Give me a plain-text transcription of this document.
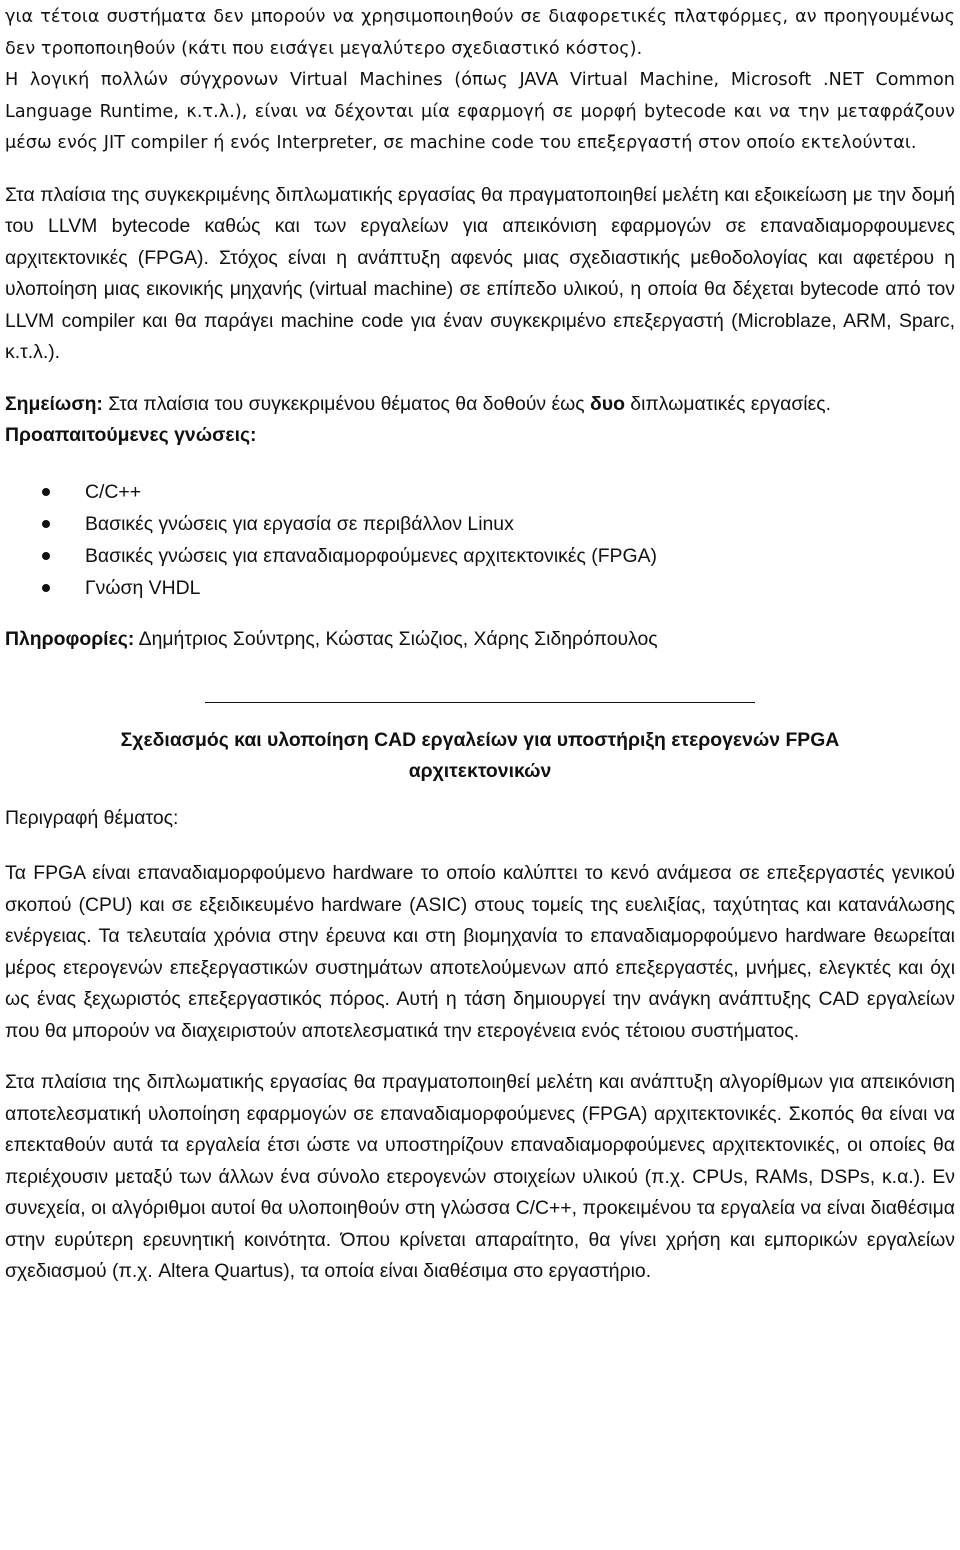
για τέτοια συστήματα δεν μπορούν να χρησιμοποιηθούν σε διαφορετικές πλατφόρμες, αν προηγουμένως δεν τροποποιηθούν (κάτι που εισάγει μεγαλύτερο σχεδιαστικό κόστος).

Η λογική πολλών σύγχρονων Virtual Machines (όπως JAVA Virtual Machine, Microsoft .NET Common Language Runtime, κ.τ.λ.), είναι να δέχονται μία εφαρμογή σε μορφή bytecode και να την μεταφράζουν μέσω ενός JIT compiler ή ενός Interpreter, σε machine code του επεξεργαστή στον οποίο εκτελούνται.

Στα πλαίσια της συγκεκριμένης διπλωματικής εργασίας θα πραγματοποιηθεί μελέτη και εξοικείωση με την δομή του LLVM bytecode καθώς και των εργαλείων για απεικόνιση εφαρμογών σε επαναδιαμορφουμενες αρχιτεκτονικές (FPGA). Στόχος είναι η ανάπτυξη αφενός μιας σχεδιαστικής μεθοδολογίας και αφετέρου η υλοποίηση μιας εικονικής μηχανής (virtual machine) σε επίπεδο υλικού, η οποία θα δέχεται bytecode από τον LLVM compiler και θα παράγει machine code για έναν συγκεκριμένο επεξεργαστή (Microblaze, ARM, Sparc, κ.τ.λ.).

Σημείωση: Στα πλαίσια του συγκεκριμένου θέματος θα δοθούν έως δυο διπλωματικές εργασίες.

Προαπαιτούμενες γνώσεις:

C/C++
Βασικές γνώσεις για εργασία σε περιβάλλον Linux
Βασικές γνώσεις για επαναδιαμορφούμενες αρχιτεκτονικές (FPGA)
Γνώση VHDL

Πληροφορίες: Δημήτριος Σούντρης, Κώστας Σιώζιος, Χάρης Σιδηρόπουλος

Σχεδιασμός και υλοποίηση CAD εργαλείων για υποστήριξη ετερογενών FPGA
αρχιτεκτονικών

Περιγραφή θέματος:

Τα FPGA είναι επαναδιαμορφούμενο hardware το οποίο καλύπτει το κενό ανάμεσα σε επεξεργαστές γενικού σκοπού (CPU) και σε εξειδικευμένο hardware (ASIC) στους τομείς της ευελιξίας, ταχύτητας και κατανάλωσης ενέργειας. Τα τελευταία χρόνια στην έρευνα και στη βιομηχανία το επαναδιαμορφούμενο hardware θεωρείται μέρος ετερογενών επεξεργαστικών συστημάτων αποτελούμενων από επεξεργαστές, μνήμες, ελεγκτές και όχι ως ένας ξεχωριστός επεξεργαστικός πόρος. Αυτή η τάση δημιουργεί την ανάγκη ανάπτυξης CAD εργαλείων που θα μπορούν να διαχειριστούν αποτελεσματικά την ετερογένεια ενός τέτοιου συστήματος.

Στα πλαίσια της διπλωματικής εργασίας θα πραγματοποιηθεί μελέτη και ανάπτυξη αλγορίθμων για απεικόνιση αποτελεσματική υλοποίηση εφαρμογών σε επαναδιαμορφούμενες (FPGA) αρχιτεκτονικές. Σκοπός θα είναι να επεκταθούν αυτά τα εργαλεία έτσι ώστε να υποστηρίζουν επαναδιαμορφούμενες αρχιτεκτονικές, οι οποίες θα περιέχουσιν μεταξύ των άλλων ένα σύνολο ετερογενών στοιχείων υλικού (π.χ. CPUs, RAMs, DSPs, κ.α.). Εν συνεχεία, οι αλγόριθμοι αυτοί θα υλοποιηθούν στη γλώσσα C/C++, προκειμένου τα εργαλεία να είναι διαθέσιμα στην ευρύτερη ερευνητική κοινότητα. Όπου κρίνεται απαραίτητο, θα γίνει χρήση και εμπορικών εργαλείων σχεδιασμού (π.χ. Altera Quartus), τα οποία είναι διαθέσιμα στο εργαστήριο.
